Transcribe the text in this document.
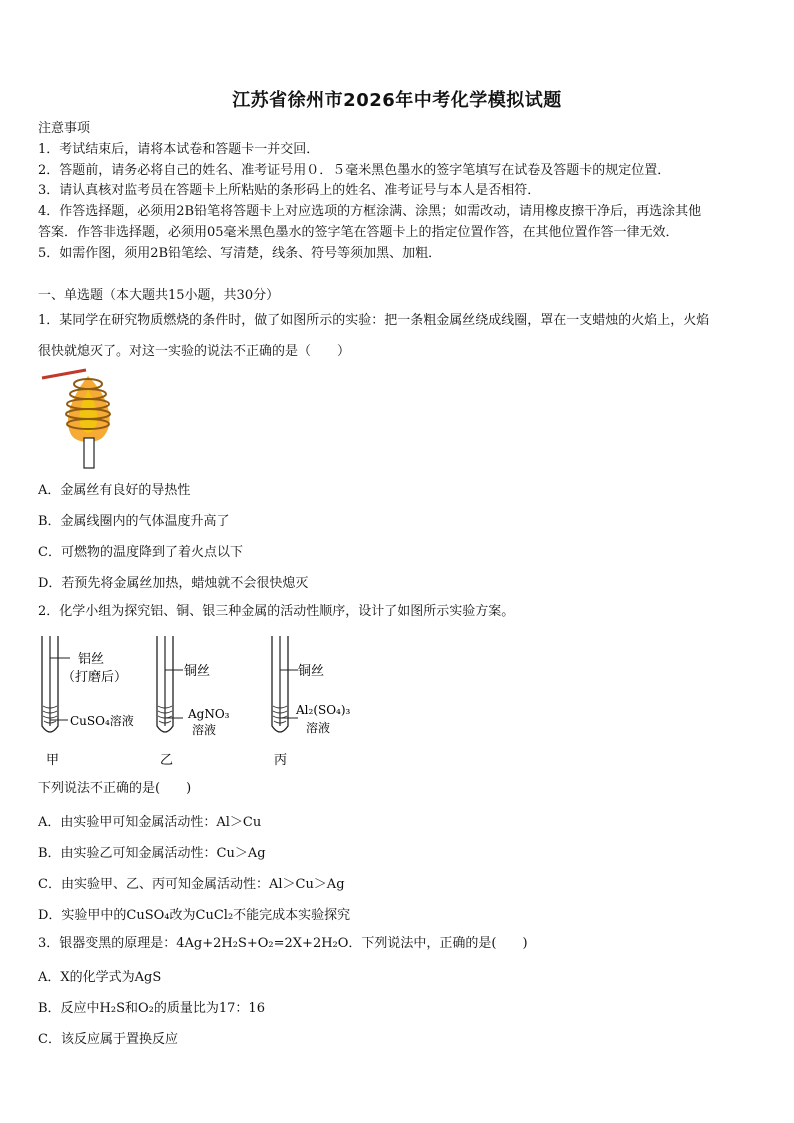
江苏省徐州市2026年中考化学模拟试题
注意事项
1．考试结束后，请将本试卷和答题卡一并交回．
2．答题前，请务必将自己的姓名、准考证号用０．５毫米黑色墨水的签字笔填写在试卷及答题卡的规定位置．
3．请认真核对监考员在答题卡上所粘贴的条形码上的姓名、准考证号与本人是否相符．
4．作答选择题，必须用2B铅笔将答题卡上对应选项的方框涂满、涂黑；如需改动，请用橡皮擦干净后，再选涂其他
答案．作答非选择题，必须用05毫米黑色墨水的签字笔在答题卡上的指定位置作答，在其他位置作答一律无效．
5．如需作图，须用2B铅笔绘、写清楚，线条、符号等须加黑、加粗．
一、单选题（本大题共15小题，共30分）
1．某同学在研究物质燃烧的条件时，做了如图所示的实验：把一条粗金属丝绕成线圈，罩在一支蜡烛的火焰上，火焰
很快就熄灭了。对这一实验的说法不正确的是（　　）
A．金属丝有良好的导热性
B．金属线圈内的气体温度升高了
C．可燃物的温度降到了着火点以下
D．若预先将金属丝加热，蜡烛就不会很快熄灭
2．化学小组为探究铝、铜、银三种金属的活动性顺序，设计了如图所示实验方案。
铝丝
（打磨后）
CuSO₄溶液
甲
铜丝
AgNO₃
溶液
乙
铜丝
Al₂(SO₄)₃
溶液
丙
下列说法不正确的是(　　)
A．由实验甲可知金属活动性：Al＞Cu
B．由实验乙可知金属活动性：Cu＞Ag
C．由实验甲、乙、丙可知金属活动性：Al＞Cu＞Ag
D．实验甲中的CuSO₄改为CuCl₂不能完成本实验探究
3．银器变黑的原理是：4Ag+2H₂S+O₂=2X+2H₂O．下列说法中，正确的是(　　)
A．X的化学式为AgS
B．反应中H₂S和O₂的质量比为17：16
C．该反应属于置换反应
